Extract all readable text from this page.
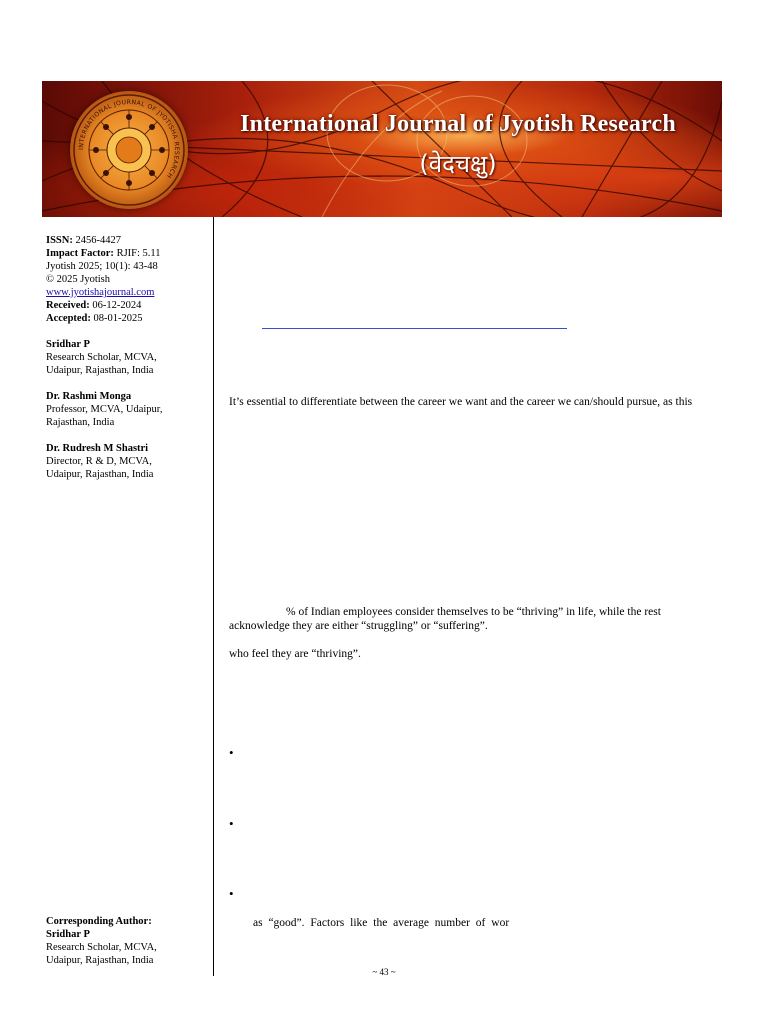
INTERNATIONAL JOURNAL OF JYOTISHA RESEARCH
International Journal of Jyotish Research
(वेदचक्षु)

ISSN: 2456-4427

Impact Factor: RJIF: 5.11

Jyotish 2025; 10(1): 43-48

© 2025 Jyotish

www.jyotishajournal.com

Received: 06-12-2024

Accepted: 08-01-2025

Sridhar P

Research Scholar, MCVA,

Udaipur, Rajasthan, India

Dr. Rashmi Monga

Professor, MCVA, Udaipur,

Rajasthan, India

Dr. Rudresh M Shastri

Director, R & D, MCVA,

Udaipur, Rajasthan, India

It’s essential to differentiate between the career we want and the career we can/should pursue, as this
% of Indian employees consider themselves to be “thriving” in life, while the rest
acknowledge they are either “struggling” or “suffering”.
who feel they are “thriving”.
•
•
•
as “good”. Factors like the average number of wor

Corresponding Author:

Sridhar P

Research Scholar, MCVA,

Udaipur, Rajasthan, India

~ 43 ~
